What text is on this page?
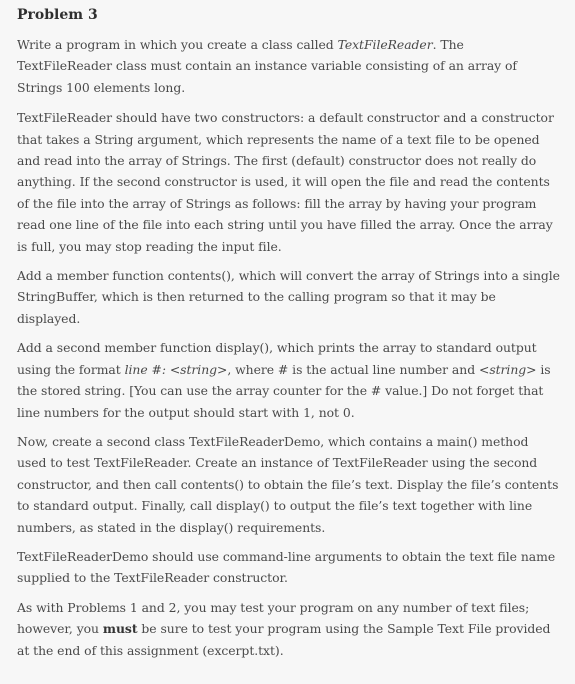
Problem 3

Write a program in which you create a class called TextFileReader. The TextFileReader class must contain an instance variable consisting of an array of Strings 100 elements long.

TextFileReader should have two constructors: a default constructor and a constructor that takes a String argument, which represents the name of a text file to be opened and read into the array of Strings. The first (default) constructor does not really do anything. If the second constructor is used, it will open the file and read the contents of the file into the array of Strings as follows: fill the array by having your program read one line of the file into each string until you have filled the array. Once the array is full, you may stop reading the input file.

Add a member function contents(), which will convert the array of Strings into a single StringBuffer, which is then returned to the calling program so that it may be displayed.

Add a second member function display(), which prints the array to standard output using the format line #: <string>, where # is the actual line number and <string> is the stored string. [You can use the array counter for the # value.] Do not forget that line numbers for the output should start with 1, not 0.

Now, create a second class TextFileReaderDemo, which contains a main() method used to test TextFileReader. Create an instance of TextFileReader using the second constructor, and then call contents() to obtain the file’s text. Display the file’s contents to standard output. Finally, call display() to output the file’s text together with line numbers, as stated in the display() requirements.

TextFileReaderDemo should use command-line arguments to obtain the text file name supplied to the TextFileReader constructor.

As with Problems 1 and 2, you may test your program on any number of text files; however, you must be sure to test your program using the Sample Text File provided at the end of this assignment (excerpt.txt).
